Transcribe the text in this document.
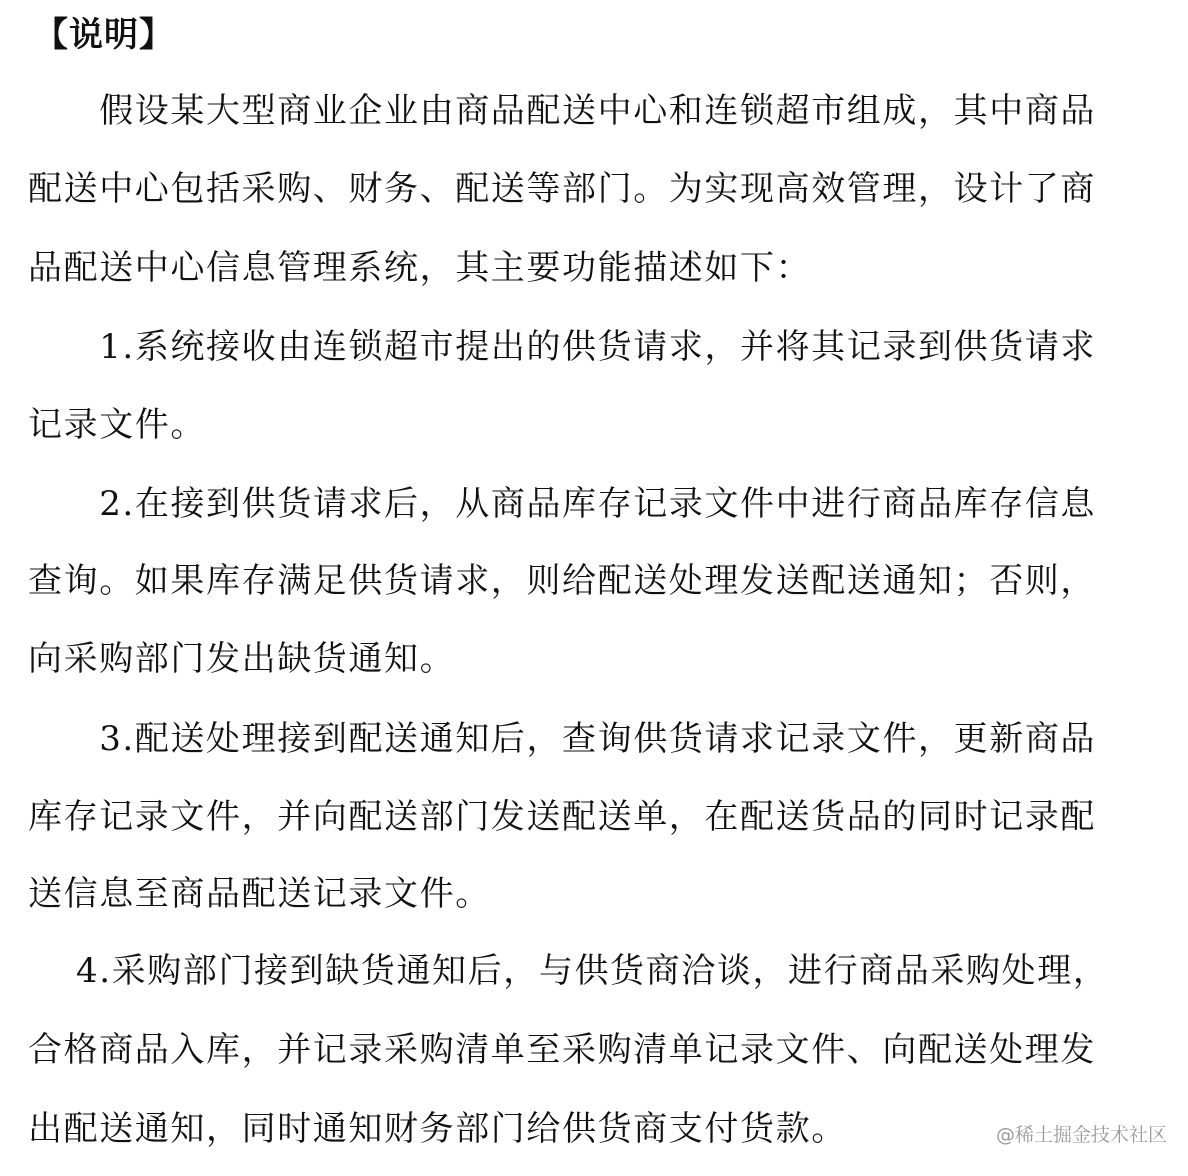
【说明】
　　假设某大型商业企业由商品配送中心和连锁超市组成，其中商品
配送中心包括采购、财务、配送等部门。为实现高效管理，设计了商
品配送中心信息管理系统，其主要功能描述如下：
　　1.系统接收由连锁超市提出的供货请求，并将其记录到供货请求
记录文件。
　　2.在接到供货请求后，从商品库存记录文件中进行商品库存信息
查询。如果库存满足供货请求，则给配送处理发送配送通知；否则，
向采购部门发出缺货通知。
　　3.配送处理接到配送通知后，查询供货请求记录文件，更新商品
库存记录文件，并向配送部门发送配送单，在配送货品的同时记录配
送信息至商品配送记录文件。
　 4.采购部门接到缺货通知后，与供货商洽谈，进行商品采购处理，
合格商品入库，并记录采购清单至采购清单记录文件、向配送处理发
出配送通知，同时通知财务部门给供货商支付货款。	@稀土掘金技术社区
